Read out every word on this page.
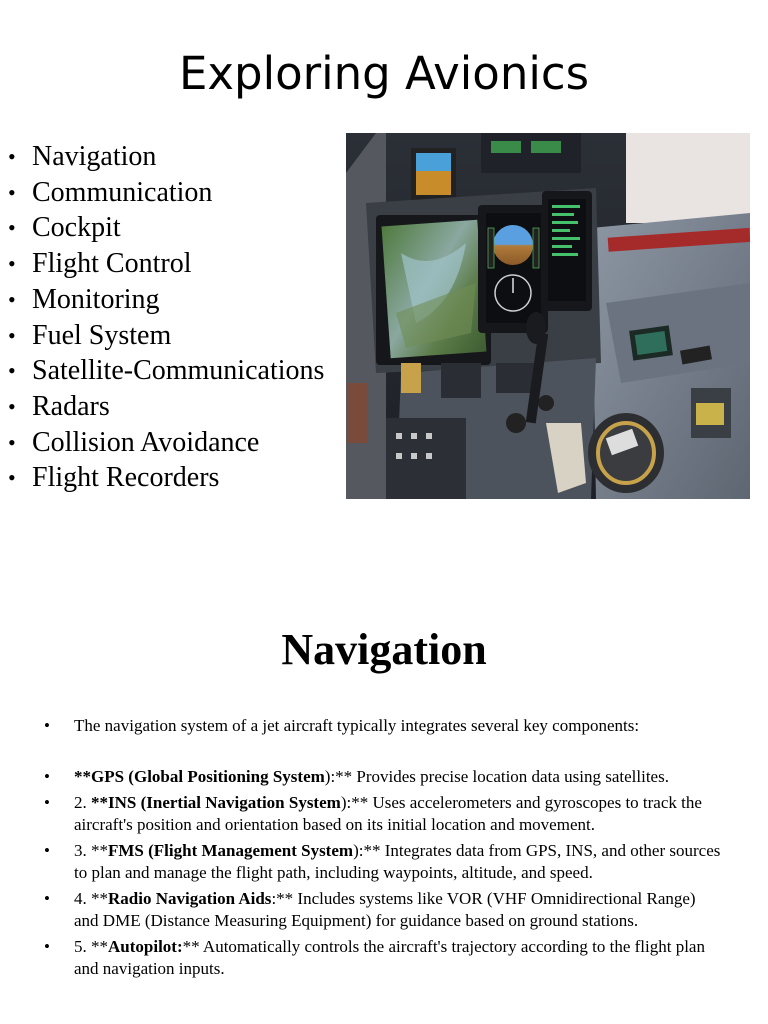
Exploring Avionics
• Navigation
• Communication
• Cockpit
• Flight Control
• Monitoring
• Fuel System
• Satellite-Communications
• Radars
• Collision Avoidance
• Flight Recorders
Navigation
• The navigation system of a jet aircraft typically integrates several key components:
• **GPS (Global Positioning System):** Provides precise location data using satellites.
• 2. **INS (Inertial Navigation System):** Uses accelerometers and gyroscopes to track the aircraft's position and orientation based on its initial location and movement.
• 3. **FMS (Flight Management System):** Integrates data from GPS, INS, and other sources to plan and manage the flight path, including waypoints, altitude, and speed.
• 4. **Radio Navigation Aids:** Includes systems like VOR (VHF Omnidirectional Range) and DME (Distance Measuring Equipment) for guidance based on ground stations.
• 5. **Autopilot:** Automatically controls the aircraft's trajectory according to the flight plan and navigation inputs.
